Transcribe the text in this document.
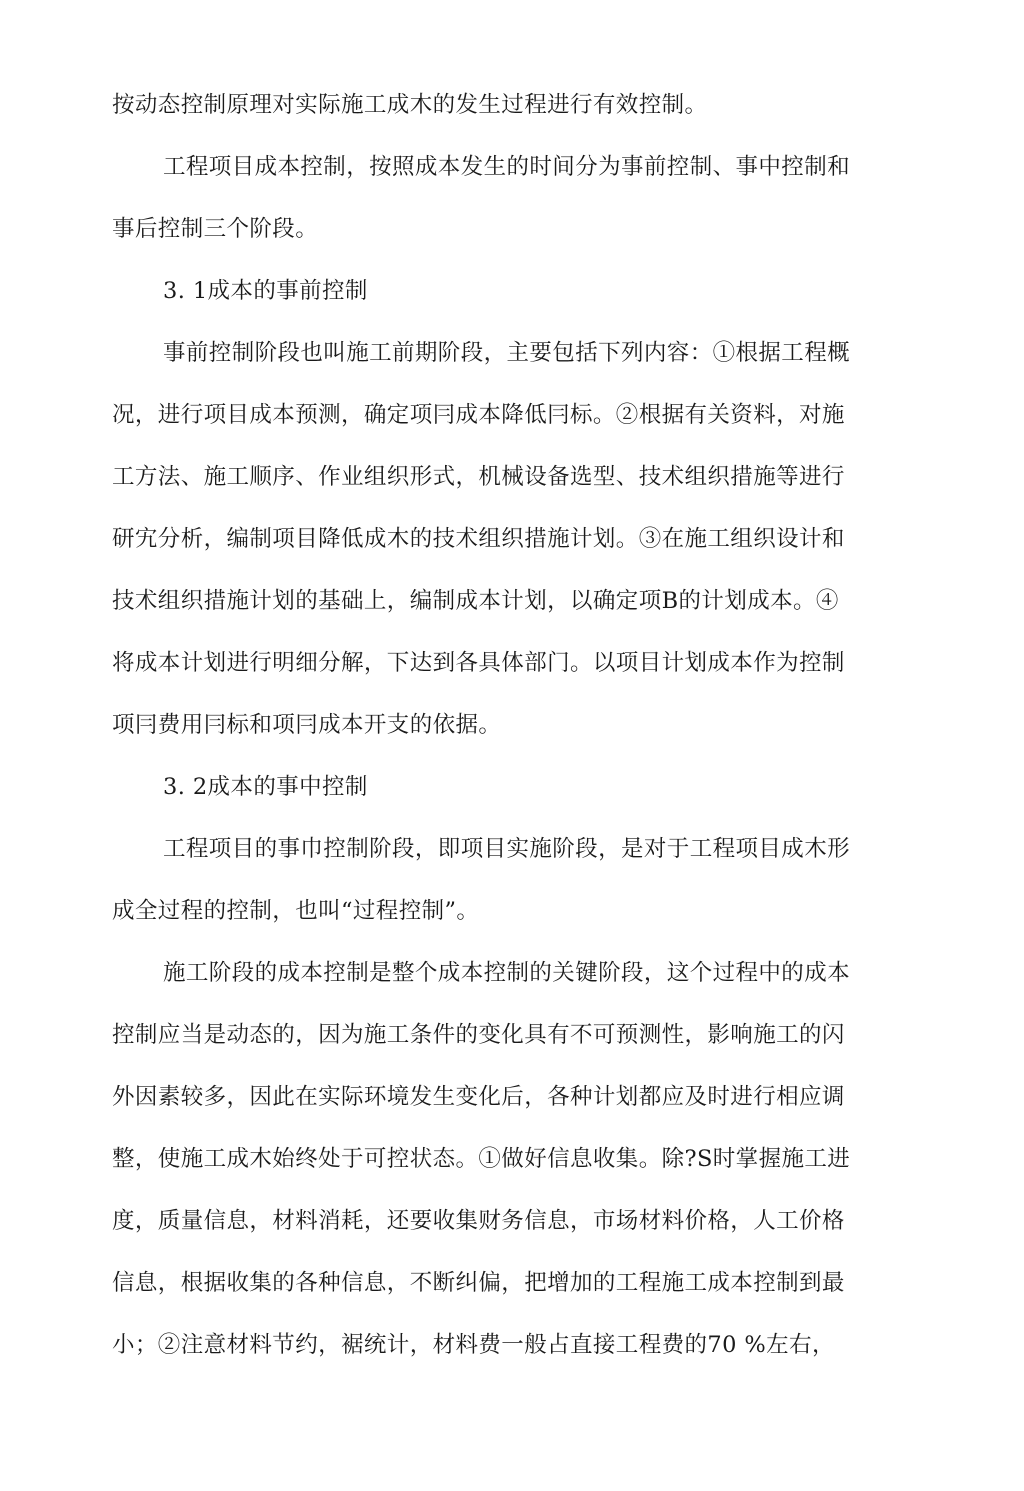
按动态控制原理对实际施工成木的发生过程进行有效控制。
工程项目成本控制，按照成本发生的时间分为事前控制、事中控制和
事后控制三个阶段。
3. 1成本的事前控制
事前控制阶段也叫施工前期阶段，主要包括下列内容：①根据工程概
况，进行项目成本预测，确定项冃成本降低冃标。②根据有关资料，对施
工方法、施工顺序、作业组织形式，机械设备选型、技术组织措施等进行
研宄分析，编制项目降低成木的技术组织措施计划。③在施工组织设计和
技术组织措施计划的基础上，编制成本计划，以确定项B的计划成本。④
将成本计划进行明细分解，下达到各具体部门。以项目计划成本作为控制
项冃费用冃标和项冃成本开支的依据。
3. 2成本的事中控制
工程项目的事巾控制阶段，即项目实施阶段，是对于工程项目成木形
成全过程的控制，也叫“过程控制”。
施工阶段的成本控制是整个成本控制的关键阶段，这个过程中的成本
控制应当是动态的，因为施工条件的变化具有不可预测性，影响施工的闪
外因素较多，因此在实际环境发生变化后，各种计划都应及时进行相应调
整，使施工成木始终处于可控状态。①做好信息收集。除?S时掌握施工进
度，质量信息，材料消耗，还要收集财务信息，市场材料价格，人工价格
信息，根据收集的各种信息，不断纠偏，把增加的工程施工成本控制到最
小；②注意材料节约，裾统计，材料费一般占直接工程费的70 %左右，
